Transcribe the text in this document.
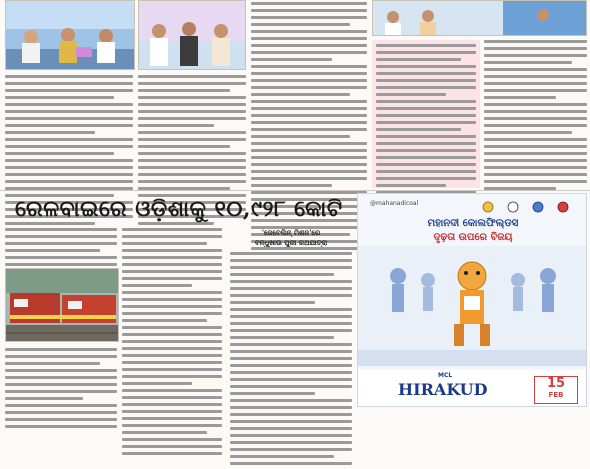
ରେଳବାଇରେ ଓଡ଼ିଶାକୁ ୧୦,୯୨୮ କୋଟି
'ଜେବେଲିନ୍ ମିଶନ'ରେ
ବନ୍ଧୁଖାଉ ପୁରୀ ରଥଯାତ୍ରା
@mahanadicoal
ମହାନଦୀ କୋଲଫିଲ୍ଡସ
ଦୃଢ଼ତା ଉପରେ ବିଜୟ
MCL
HIRAKUD	15
FEB
